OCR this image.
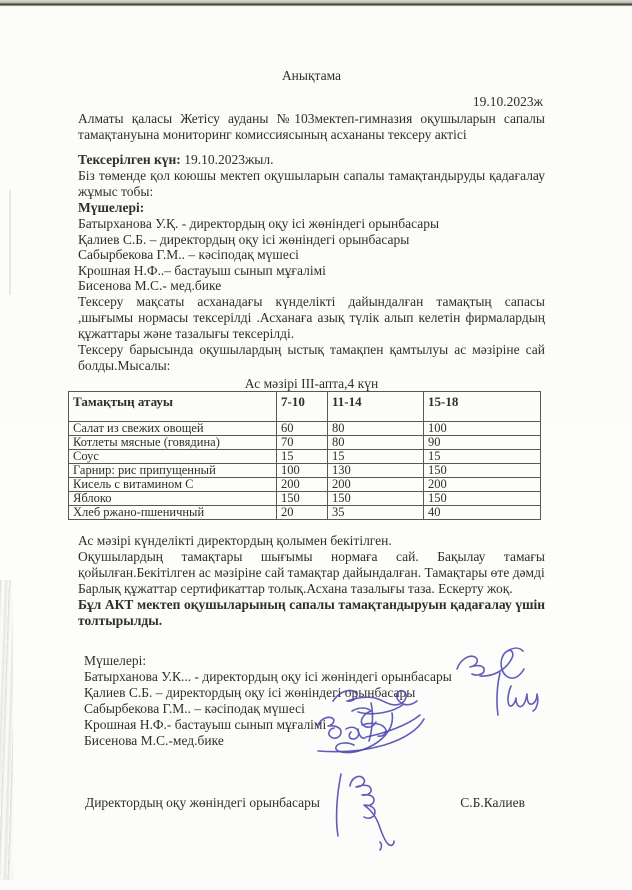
Анықтама
19.10.2023ж

Алматы қаласы Жетісу ауданы №103мектеп-гимназия оқушыларын сапалы тамақтануына мониторинг комиссиясының асхананы тексеру актісі

Тексерілген күн: 19.10.2023жыл.

Біз төменде қол коюшы мектеп оқушыларын сапалы тамақтандыруды қадағалау жұмыс тобы:

Мүшелері:
Батырханова У.Қ. - директордың оқу ісі жөніндегі орынбасары
Қалиев С.Б. – директордың оқу ісі жөніндегі орынбасары
Сабырбекова Г.М.. – кәсіподақ мүшесі
Крошная Н.Ф..– бастауыш сынып мұғалімі
Бисенова М.С.- мед.бике

Тексеру мақсаты асханадағы күнделікті дайындалған тамақтың сапасы ,шығымы нормасы тексерілді .Асханаға азық түлік алып келетін фирмалардың құжаттары және тазалығы тексерілді.

Тексеру барысында оқушылардың ыстық тамақпен қамтылуы ас мәзіріне сай болды.Мысалы:

Ас мәзірі ІІІ-апта,4 күн
Тамақтың атауы	7-10	11-14	15-18
Салат из свежих овощей	60	80	100
Котлеты мясные (говядина)	70	80	90
Соус	15	15	15
Гарнир: рис припущенный	100	130	150
Кисель с витамином С	200	200	200
Яблоко	150	150	150
Хлеб ржано-пшеничный	20	35	40

Ас мәзірі күнделікті директордың қолымен бекітілген.

Оқушылардың тамақтары шығымы нормаға сай. Бақылау тамағы қойылған.Бекітілген ас мәзіріне сай тамақтар дайындалған. Тамақтары өте дәмді

Барлық құжаттар сертификаттар толық.Асхана тазалығы таза. Ескерту жоқ.

Бұл АКТ мектеп оқушыларының сапалы тамақтандыруын қадағалау үшін толтырылды.

Мүшелері:
Батырханова У.К... - директордың оқу ісі жөніндегі орынбасары
Қалиев С.Б. – директордың оқу ісі жөніндегі орынбасары
Сабырбекова Г.М.. – кәсіподақ мүшесі
Крошная Н.Ф.- бастауыш сынып мұғалімі
Бисенова М.С.-мед.бике
Директордың оқу жөніндегі орынбасары	С.Б.Калиев
